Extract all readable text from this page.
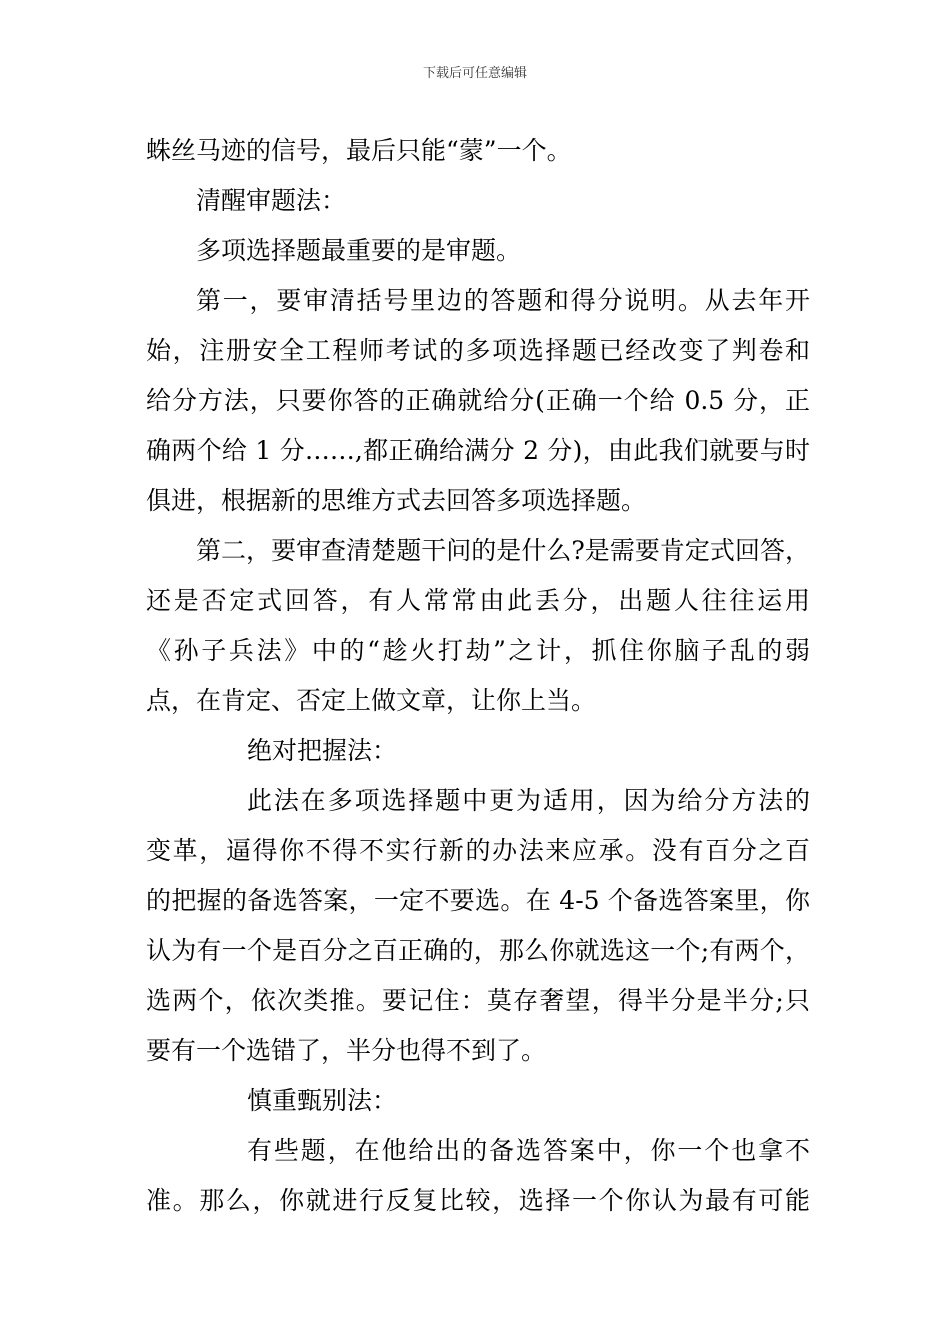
下载后可任意编辑
蛛丝马迹的信号，最后只能“蒙”一个。
清醒审题法：
多项选择题最重要的是审题。
第一，要审清括号里边的答题和得分说明。从去年开
始，注册安全工程师考试的多项选择题已经改变了判卷和
给分方法，只要你答的正确就给分(正确一个给 0.5 分，正
确两个给 1 分……,都正确给满分 2 分)，由此我们就要与时
俱进，根据新的思维方式去回答多项选择题。
第二，要审查清楚题干问的是什么?是需要肯定式回答，
还是否定式回答，有人常常由此丢分，出题人往往运用
《孙子兵法》中的“趁火打劫”之计，抓住你脑子乱的弱
点，在肯定、否定上做文章，让你上当。
绝对把握法：
此法在多项选择题中更为适用，因为给分方法的
变革，逼得你不得不实行新的办法来应承。没有百分之百
的把握的备选答案，一定不要选。在 4-5 个备选答案里，你
认为有一个是百分之百正确的，那么你就选这一个;有两个，
选两个，依次类推。要记住：莫存奢望，得半分是半分;只
要有一个选错了，半分也得不到了。
慎重甄别法：
有些题，在他给出的备选答案中，你一个也拿不
准。那么，你就进行反复比较，选择一个你认为最有可能
